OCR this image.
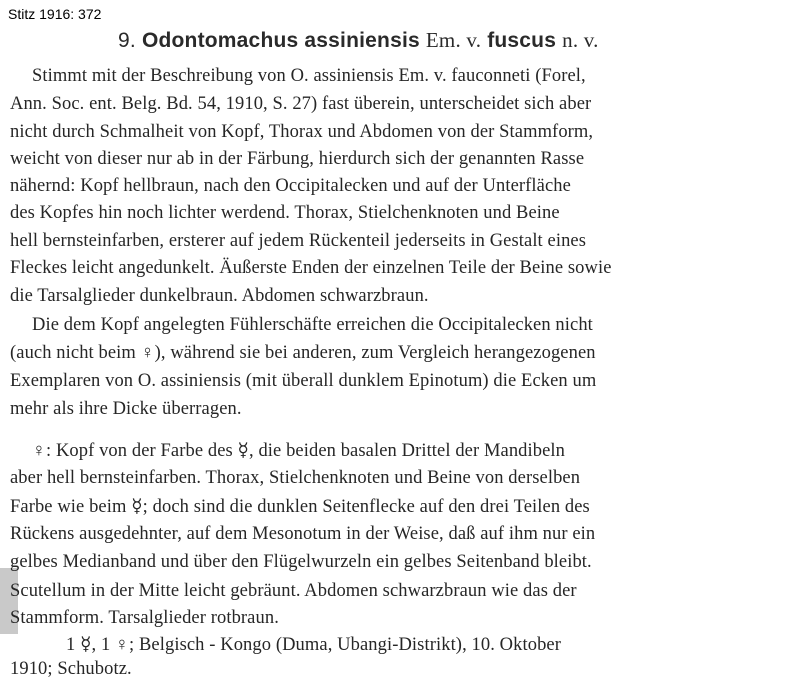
Stitz 1916: 372
9. Odontomachus assiniensis Em. v. fuscus n. v.
Stimmt mit der Beschreibung von O. assiniensis Em. v. fauconneti (Forel,
Ann. Soc. ent. Belg. Bd. 54, 1910, S. 27) fast überein, unterscheidet sich aber
nicht durch Schmalheit von Kopf, Thorax und Abdomen von der Stammform,
weicht von dieser nur ab in der Färbung, hierdurch sich der genannten Rasse
nähernd: Kopf hellbraun, nach den Occipitalecken und auf der Unterfläche
des Kopfes hin noch lichter werdend. Thorax, Stielchenknoten und Beine
hell bernsteinfarben, ersterer auf jedem Rückenteil jederseits in Gestalt eines
Fleckes leicht angedunkelt. Äußerste Enden der einzelnen Teile der Beine sowie
die Tarsalglieder dunkelbraun. Abdomen schwarzbraun.
Die dem Kopf angelegten Fühlerschäfte erreichen die Occipitalecken nicht
(auch nicht beim ♀), während sie bei anderen, zum Vergleich herangezogenen
Exemplaren von O. assiniensis (mit überall dunklem Epinotum) die Ecken um
mehr als ihre Dicke überragen.
♀: Kopf von der Farbe des ☿, die beiden basalen Drittel der Mandibeln
aber hell bernsteinfarben. Thorax, Stielchenknoten und Beine von derselben
Farbe wie beim ☿; doch sind die dunklen Seitenflecke auf den drei Teilen des
Rückens ausgedehnter, auf dem Mesonotum in der Weise, daß auf ihm nur ein
gelbes Medianband und über den Flügelwurzeln ein gelbes Seitenband bleibt.
Scutellum in der Mitte leicht gebräunt. Abdomen schwarzbraun wie das der
Stammform. Tarsalglieder rotbraun.
1 ☿, 1 ♀; Belgisch - Kongo (Duma, Ubangi-Distrikt), 10. Oktober
1910; Schubotz.
